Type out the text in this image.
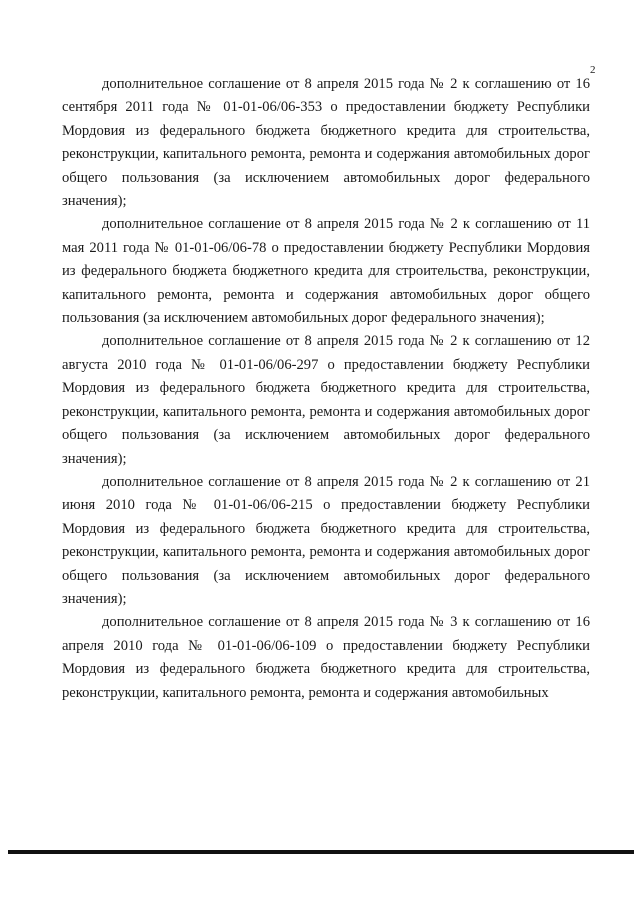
2

дополнительное соглашение от 8 апреля 2015 года № 2 к соглашению от 16 сентября 2011 года № 01-01-06/06-353 о предоставлении бюджету Республики Мордовия из федерального бюджета бюджетного кредита для строительства, реконструкции, капитального ремонта, ремонта и содержания автомобильных дорог общего пользования (за исключением автомобильных дорог федерального значения);

дополнительное соглашение от 8 апреля 2015 года № 2 к соглашению от 11 мая 2011 года № 01-01-06/06-78 о предоставлении бюджету Республики Мордовия из федерального бюджета бюджетного кредита для строительства, реконструкции, капитального ремонта, ремонта и содержания автомобильных дорог общего пользования (за исключением автомобильных дорог федерального значения);

дополнительное соглашение от 8 апреля 2015 года № 2 к соглашению от 12 августа 2010 года № 01-01-06/06-297 о предоставлении бюджету Республики Мордовия из федерального бюджета бюджетного кредита для строительства, реконструкции, капитального ремонта, ремонта и содержания автомобильных дорог общего пользования (за исключением автомобильных дорог федерального значения);

дополнительное соглашение от 8 апреля 2015 года № 2 к соглашению от 21 июня 2010 года № 01-01-06/06-215 о предоставлении бюджету Республики Мордовия из федерального бюджета бюджетного кредита для строительства, реконструкции, капитального ремонта, ремонта и содержания автомобильных дорог общего пользования (за исключением автомобильных дорог федерального значения);

дополнительное соглашение от 8 апреля 2015 года № 3 к соглашению от 16 апреля 2010 года № 01-01-06/06-109 о предоставлении бюджету Республики Мордовия из федерального бюджета бюджетного кредита для строительства, реконструкции, капитального ремонта, ремонта и содержания автомобильных
